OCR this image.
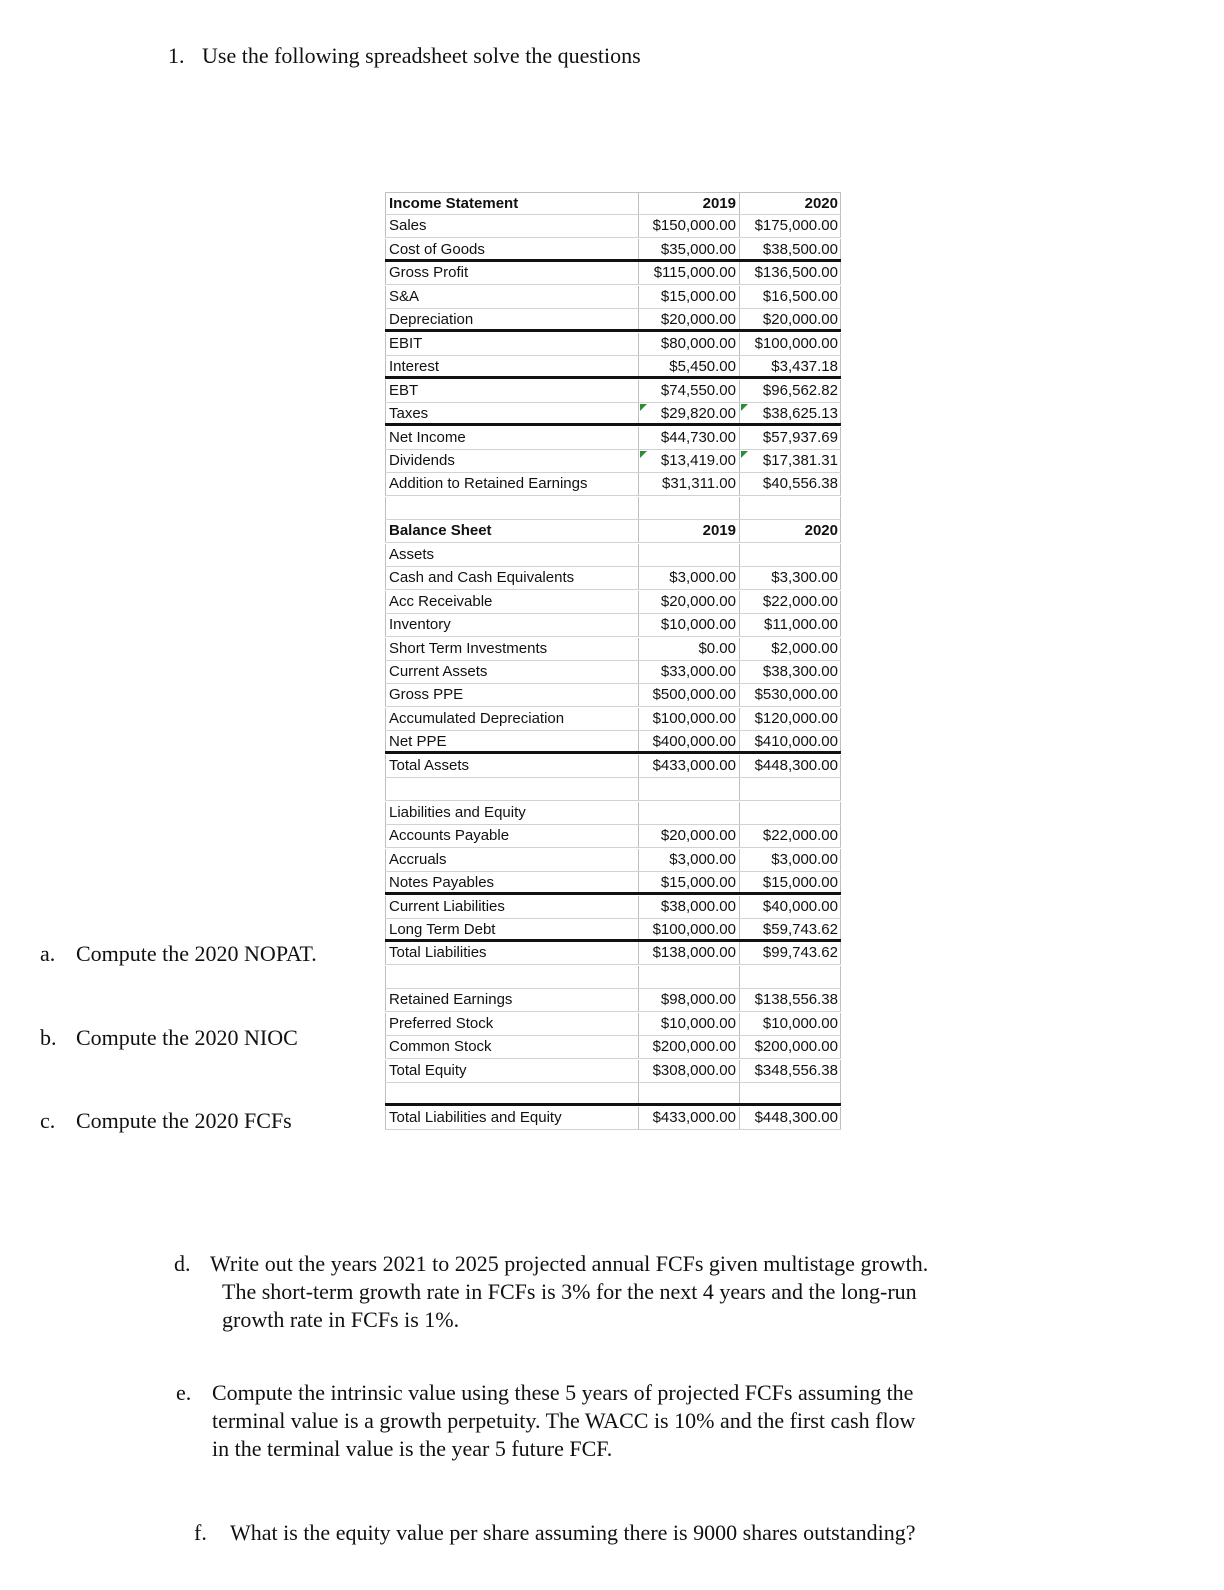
1. Use the following spreadsheet solve the questions
Income Statement	2019	2020
Sales	$150,000.00	$175,000.00
Cost of Goods	$35,000.00	$38,500.00
Gross Profit	$115,000.00	$136,500.00
S&A	$15,000.00	$16,500.00
Depreciation	$20,000.00	$20,000.00
EBIT	$80,000.00	$100,000.00
Interest	$5,450.00	$3,437.18
EBT	$74,550.00	$96,562.82
Taxes	$29,820.00	$38,625.13
Net Income	$44,730.00	$57,937.69
Dividends	$13,419.00	$17,381.31
Addition to Retained Earnings	$31,311.00	$40,556.38
Balance Sheet	2019	2020
Assets
Cash and Cash Equivalents	$3,000.00	$3,300.00
Acc Receivable	$20,000.00	$22,000.00
Inventory	$10,000.00	$11,000.00
Short Term Investments	$0.00	$2,000.00
Current Assets	$33,000.00	$38,300.00
Gross PPE	$500,000.00	$530,000.00
Accumulated Depreciation	$100,000.00	$120,000.00
Net PPE	$400,000.00	$410,000.00
Total Assets	$433,000.00	$448,300.00
Liabilities and Equity
Accounts Payable	$20,000.00	$22,000.00
Accruals	$3,000.00	$3,000.00
Notes Payables	$15,000.00	$15,000.00
Current Liabilities	$38,000.00	$40,000.00
Long Term Debt	$100,000.00	$59,743.62
Total Liabilities	$138,000.00	$99,743.62
Retained Earnings	$98,000.00	$138,556.38
Preferred Stock	$10,000.00	$10,000.00
Common Stock	$200,000.00	$200,000.00
Total Equity	$308,000.00	$348,556.38
Total Liabilities and Equity	$433,000.00	$448,300.00
a. Compute the 2020 NOPAT.
b. Compute the 2020 NIOC
c. Compute the 2020 FCFs
d. Write out the years 2021 to 2025 projected annual FCFs given multistage growth.
The short-term growth rate in FCFs is 3% for the next 4 years and the long-run
growth rate in FCFs is 1%.
e. Compute the intrinsic value using these 5 years of projected FCFs assuming the
terminal value is a growth perpetuity. The WACC is 10% and the first cash flow
in the terminal value is the year 5 future FCF.
f. What is the equity value per share assuming there is 9000 shares outstanding?
